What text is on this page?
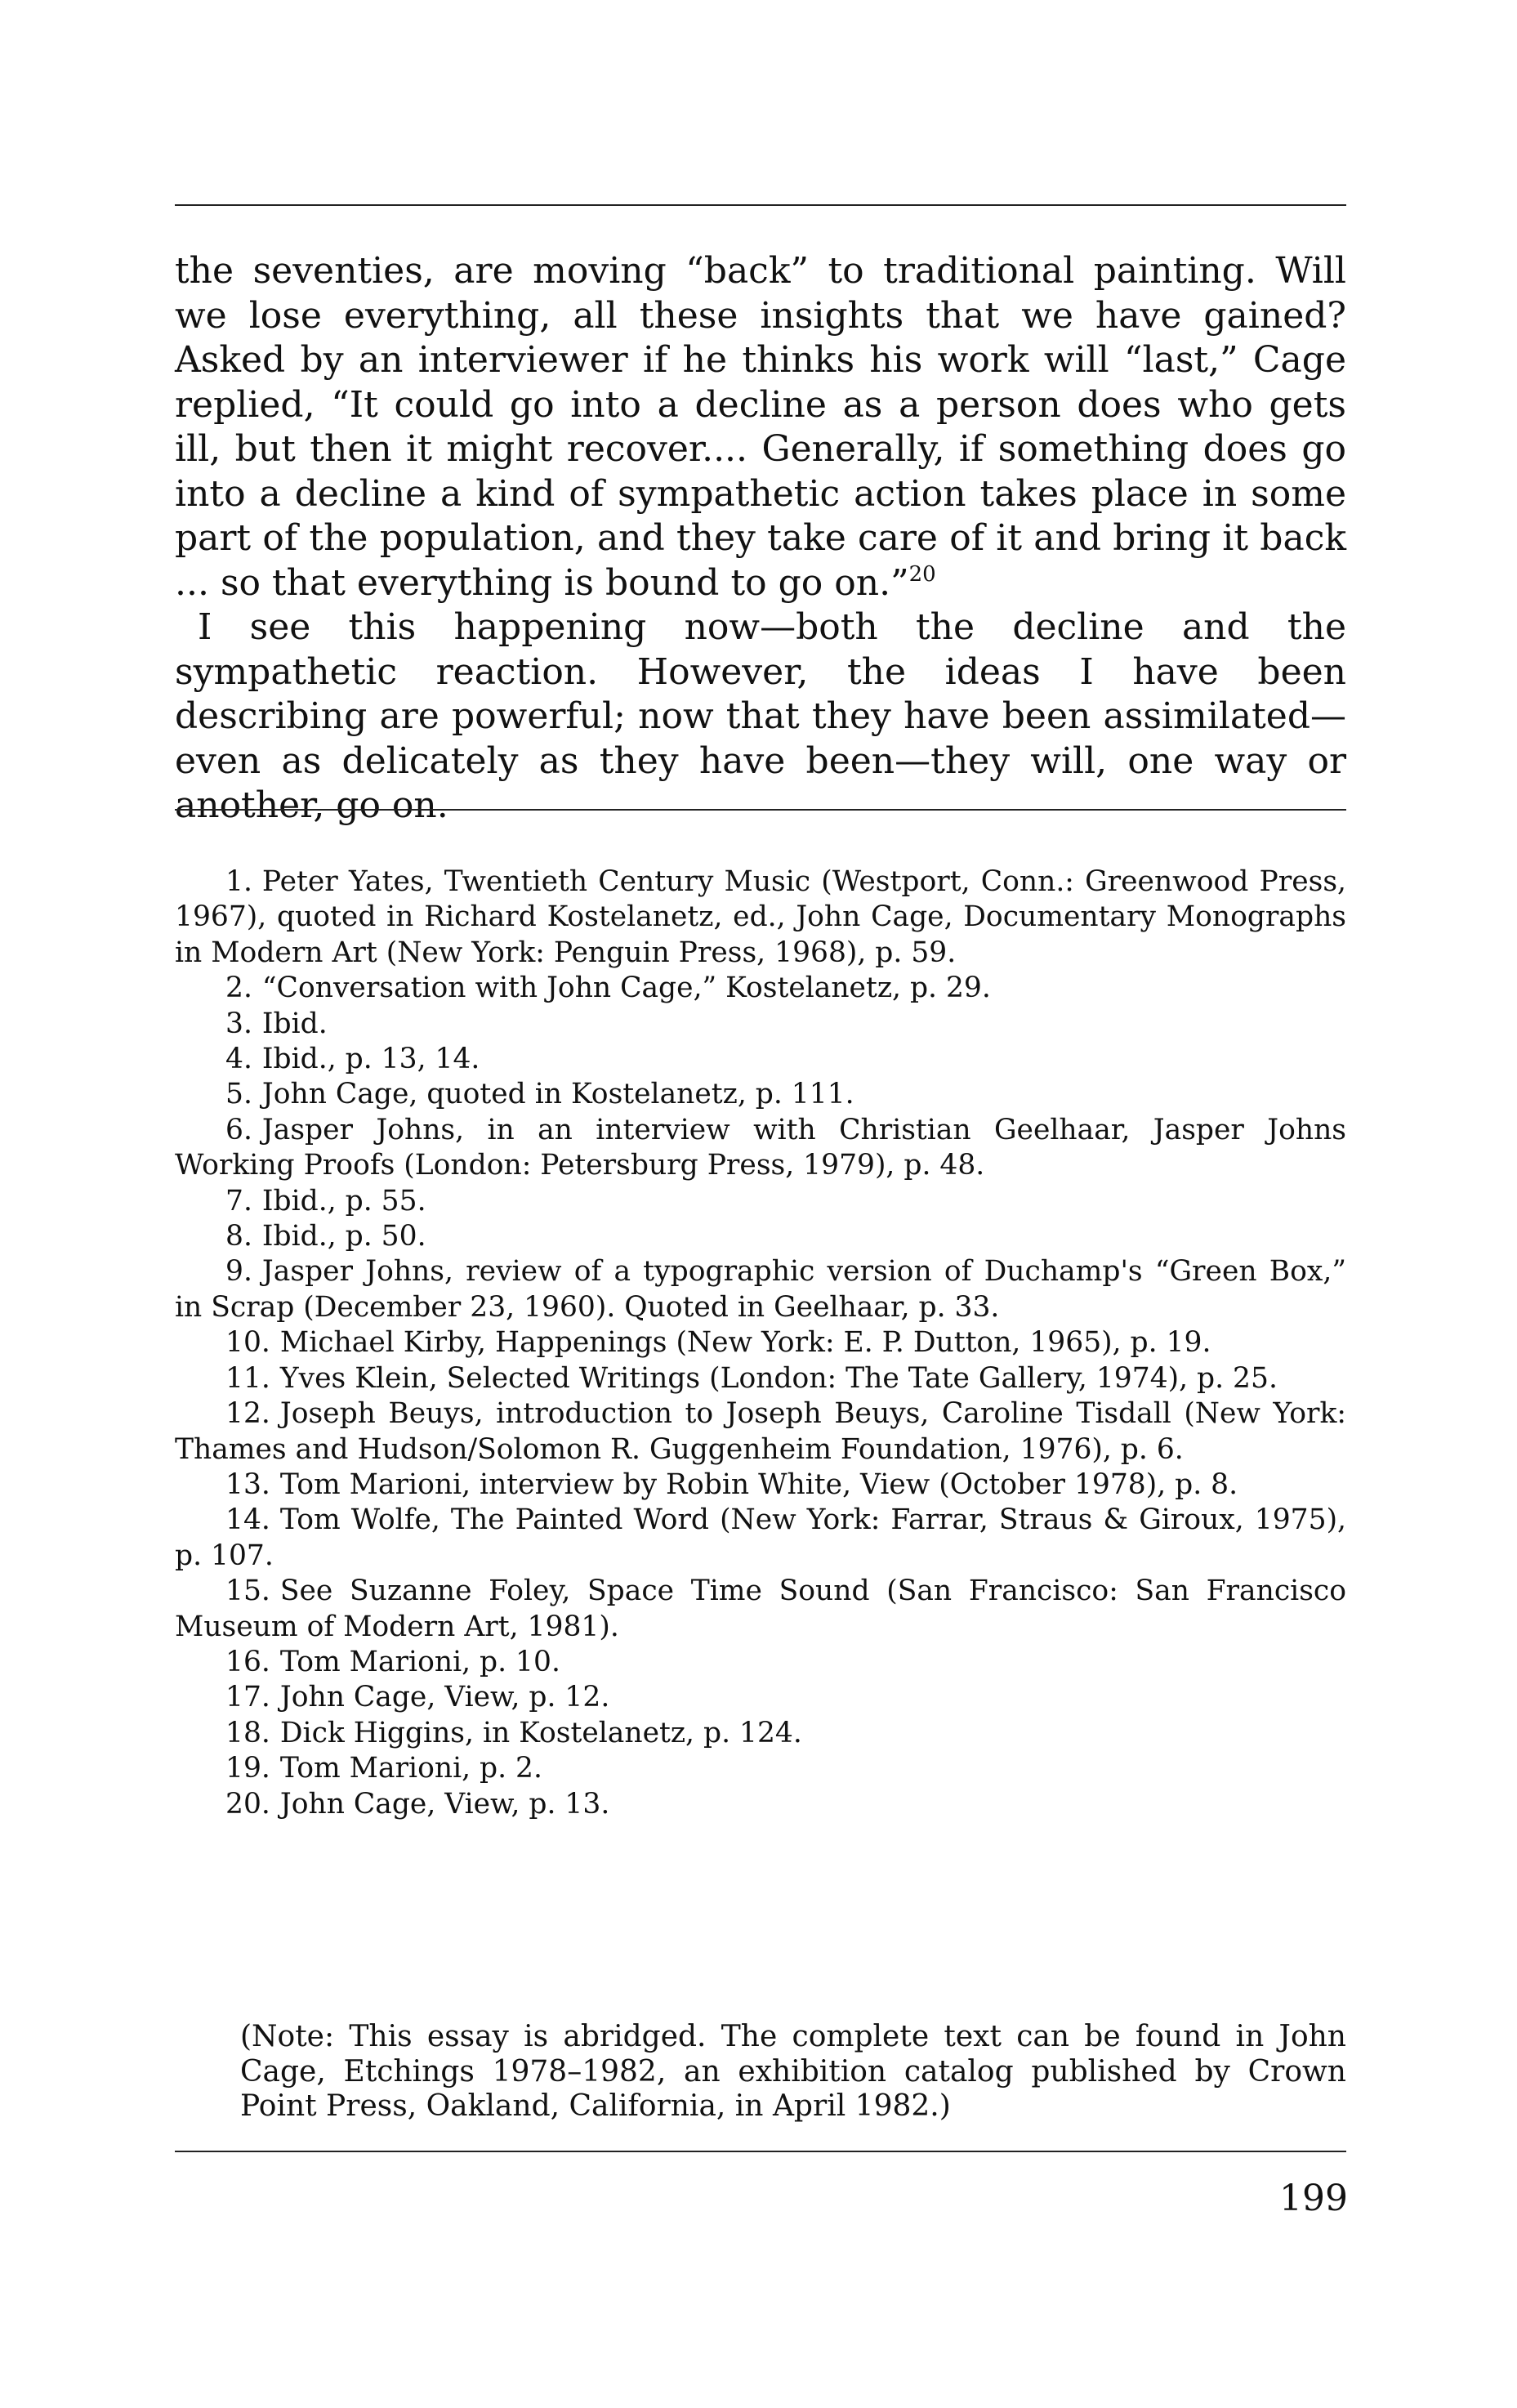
the seventies, are moving “back” to traditional painting. Will we lose everything, all these insights that we have gained? Asked by an interviewer if he thinks his work will “last,” Cage replied, “It could go into a decline as a person does who gets ill, but then it might recover.... Generally, if something does go into a decline a kind of sympathetic action takes place in some part of the population, and they take care of it and bring it back ... so that everything is bound to go on.”$^{20}$

I see this happening now—both the decline and the sympathetic reaction. However, the ideas I have been describing are powerful; now that they have been assimilated—even as delicately as they have been—they will, one way or another, go on.

1. Peter Yates, Twentieth Century Music (Westport, Conn.: Greenwood Press, 1967), quoted in Richard Kostelanetz, ed., John Cage, Documentary Monographs in Modern Art (New York: Penguin Press, 1968), p. 59.

2. “Conversation with John Cage,” Kostelanetz, p. 29.

3. Ibid.

4. Ibid., p. 13, 14.

5. John Cage, quoted in Kostelanetz, p. 111.

6. Jasper Johns, in an interview with Christian Geelhaar, Jasper Johns Working Proofs (London: Petersburg Press, 1979), p. 48.

7. Ibid., p. 55.

8. Ibid., p. 50.

9. Jasper Johns, review of a typographic version of Duchamp's “Green Box,” in Scrap (December 23, 1960). Quoted in Geelhaar, p. 33.

10. Michael Kirby, Happenings (New York: E. P. Dutton, 1965), p. 19.

11. Yves Klein, Selected Writings (London: The Tate Gallery, 1974), p. 25.

12. Joseph Beuys, introduction to Joseph Beuys, Caroline Tisdall (New York: Thames and Hudson/Solomon R. Guggenheim Foundation, 1976), p. 6.

13. Tom Marioni, interview by Robin White, View (October 1978), p. 8.

14. Tom Wolfe, The Painted Word (New York: Farrar, Straus & Giroux, 1975), p. 107.

15. See Suzanne Foley, Space Time Sound (San Francisco: San Francisco Museum of Modern Art, 1981).

16. Tom Marioni, p. 10.

17. John Cage, View, p. 12.

18. Dick Higgins, in Kostelanetz, p. 124.

19. Tom Marioni, p. 2.

20. John Cage, View, p. 13.

(Note: This essay is abridged. The complete text can be found in John Cage, Etchings 1978–1982, an exhibition catalog published by Crown Point Press, Oakland, California, in April 1982.)

199
